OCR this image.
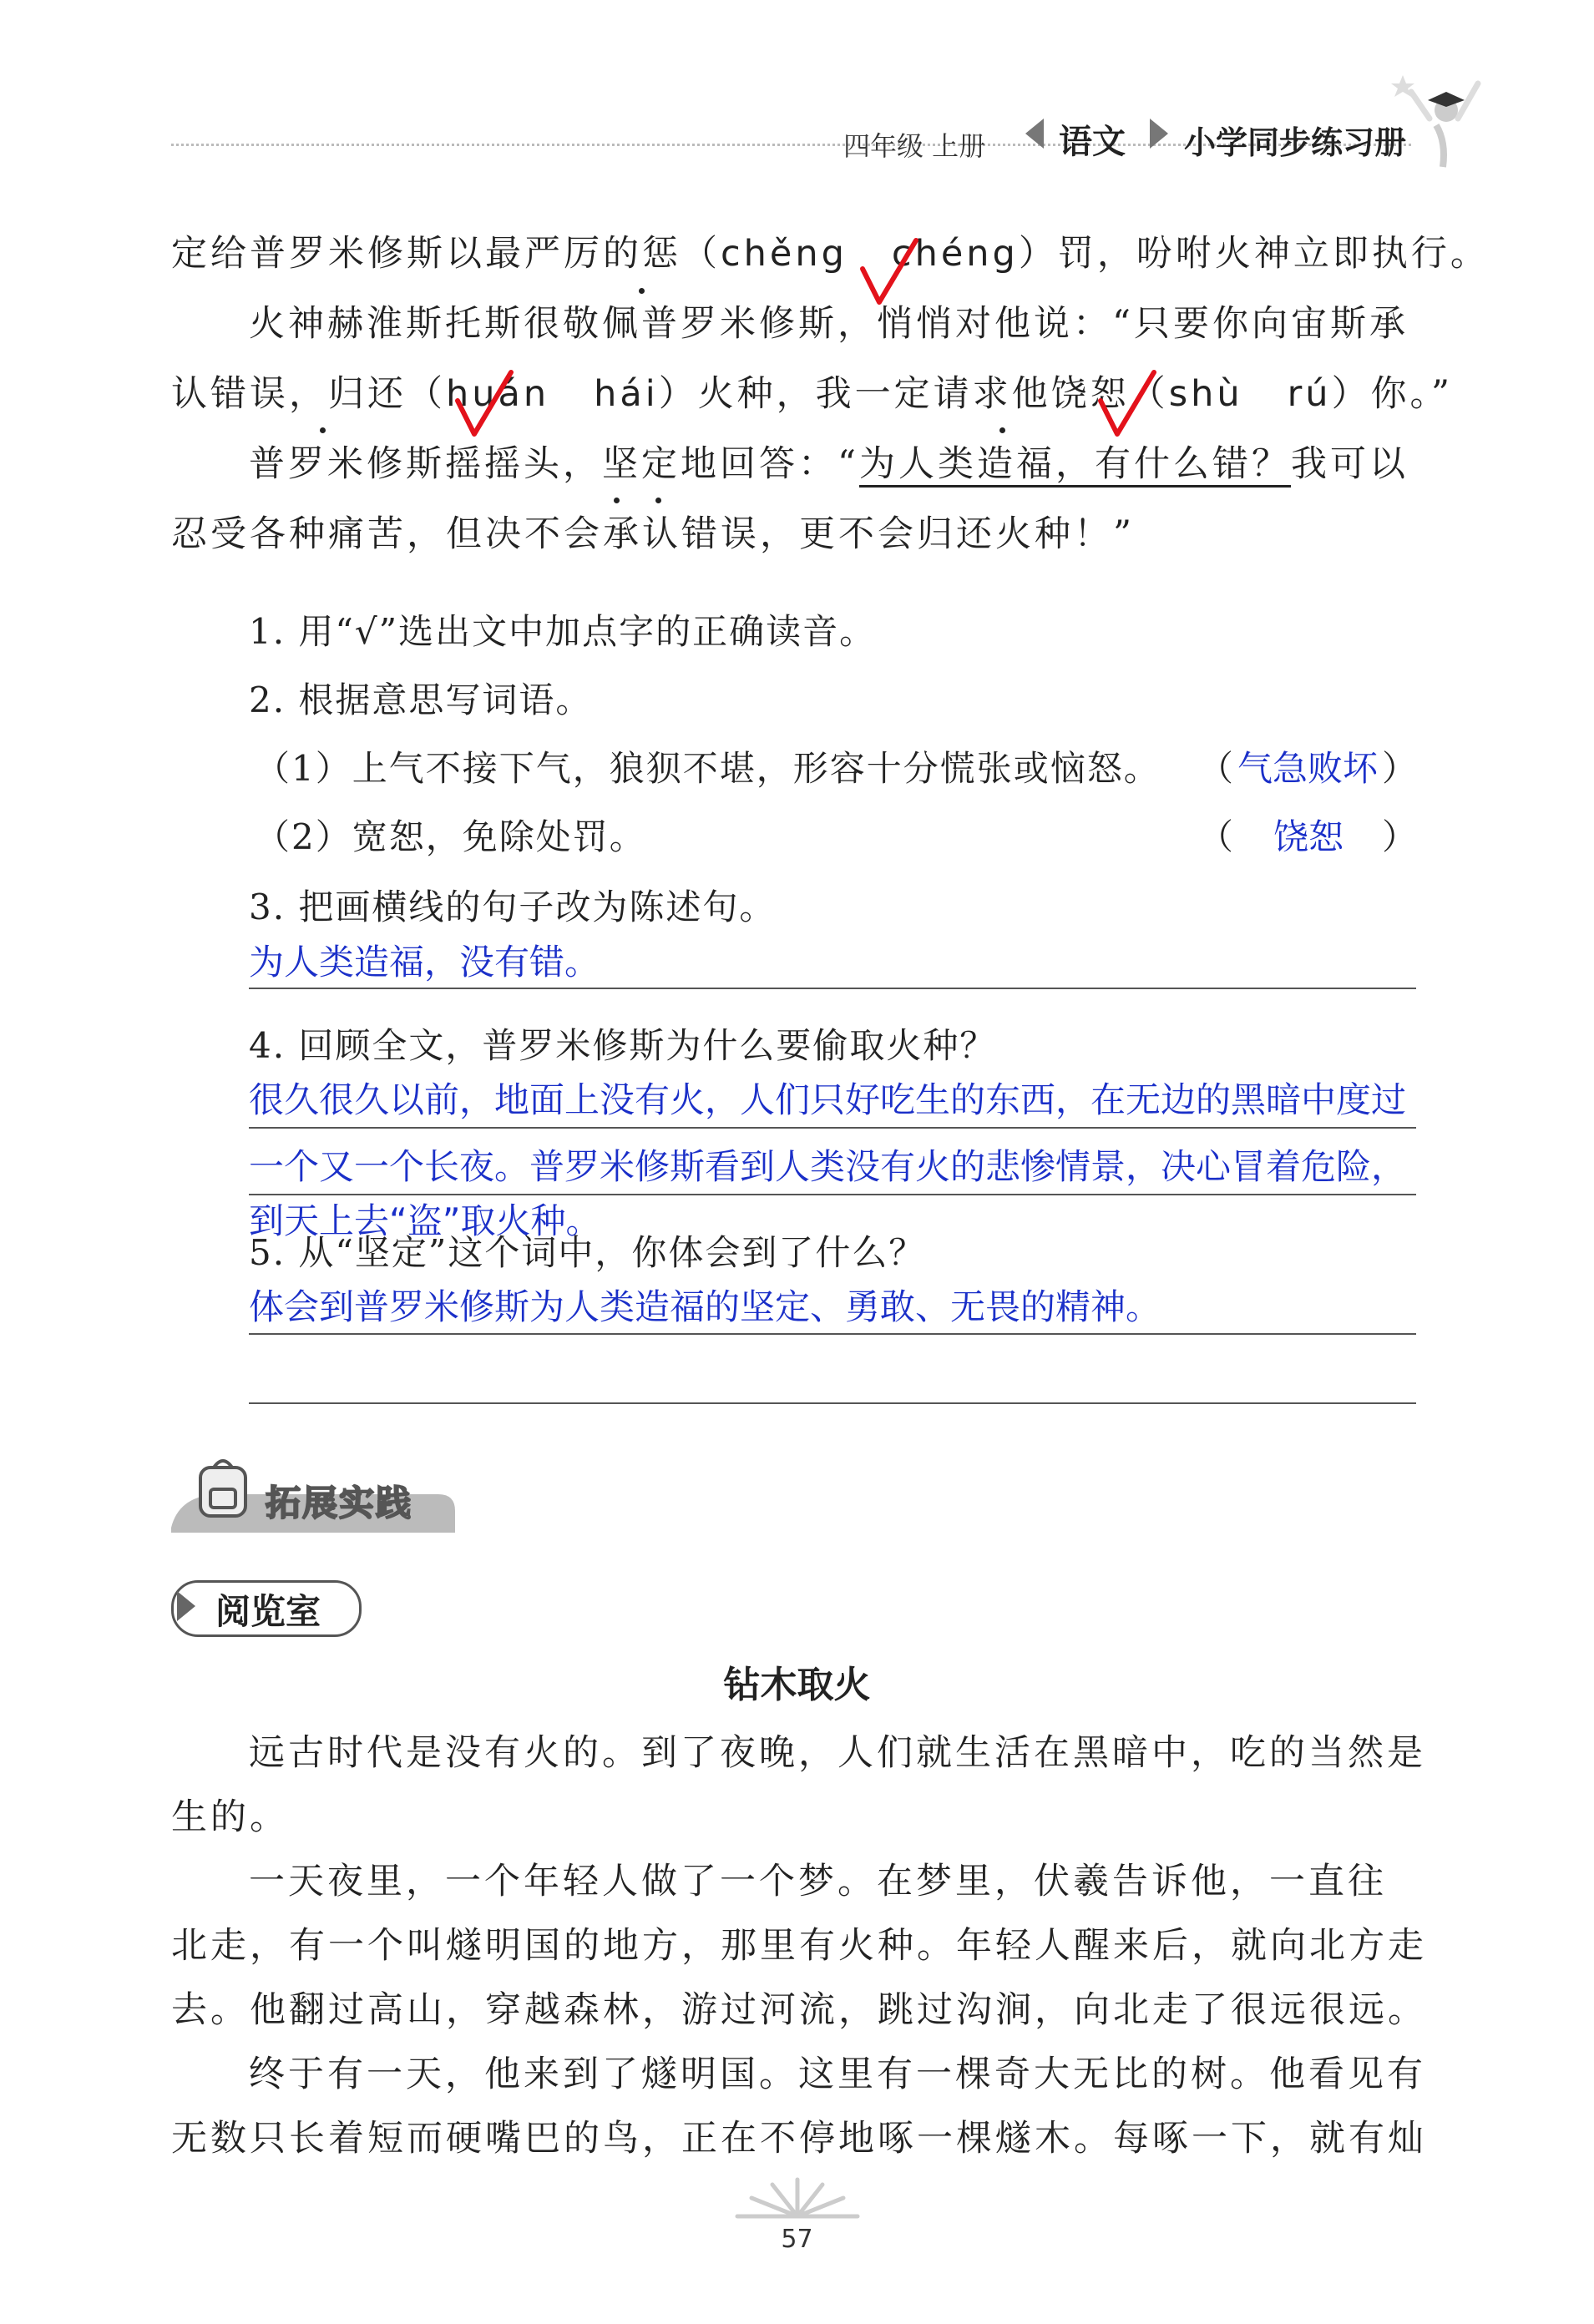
四年级 上册 语文 小学同步练习册
定给普罗米修斯以最严厉的惩（chěng chéng）罚，吩咐火神立即执行。
火神赫淮斯托斯很敬佩普罗米修斯，悄悄对他说：“只要你向宙斯承
认错误，归还（huán hái）火种，我一定请求他饶恕（shù rú）你。”
普罗米修斯摇摇头，坚定地回答：“为人类造福，有什么错？我可以
忍受各种痛苦，但决不会承认错误，更不会归还火种！”
1. 用“√”选出文中加点字的正确读音。
2. 根据意思写词语。
（1）上气不接下气，狼狈不堪，形容十分慌张或恼怒。 （ 气急败坏 ）
（2）宽恕，免除处罚。	（ 饶恕 ）
3. 把画横线的句子改为陈述句。
为人类造福，没有错。
4. 回顾全文，普罗米修斯为什么要偷取火种？
很久很久以前，地面上没有火，人们只好吃生的东西，在无边的黑暗中度过
一个又一个长夜。普罗米修斯看到人类没有火的悲惨情景，决心冒着危险，
到天上去“盗”取火种。
5. 从“坚定”这个词中，你体会到了什么？
体会到普罗米修斯为人类造福的坚定、勇敢、无畏的精神。
拓展实践
阅览室
钻木取火
远古时代是没有火的。到了夜晚，人们就生活在黑暗中，吃的当然是
生的。
一天夜里，一个年轻人做了一个梦。在梦里，伏羲告诉他，一直往
北走，有一个叫燧明国的地方，那里有火种。年轻人醒来后，就向北方走
去。他翻过高山，穿越森林，游过河流，跳过沟涧，向北走了很远很远。
终于有一天，他来到了燧明国。这里有一棵奇大无比的树。他看见有
无数只长着短而硬嘴巴的鸟，正在不停地啄一棵燧木。每啄一下，就有灿
57
